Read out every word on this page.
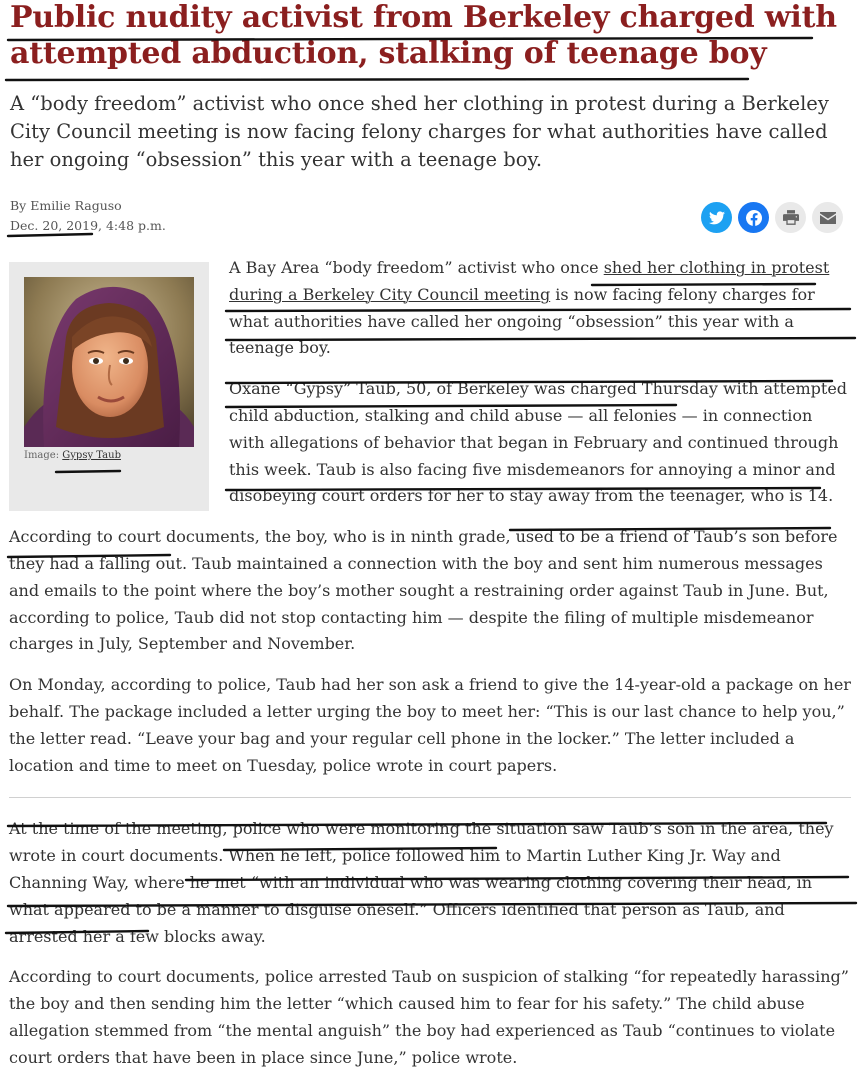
Public nudity activist from Berkeley charged with attempted abduction, stalking of teenage boy

A “body freedom” activist who once shed her clothing in protest during a Berkeley City Council meeting is now facing felony charges for what authorities have called her ongoing “obsession” this year with a teenage boy.

By Emilie Raguso
Dec. 20, 2019, 4:48 p.m.
Image: Gypsy Taub

A Bay Area “body freedom” activist who once shed her clothing in protest during a Berkeley City Council meeting is now facing felony charges for what authorities have called her ongoing “obsession” this year with a teenage boy.

Oxane “Gypsy” Taub, 50, of Berkeley was charged Thursday with attempted child abduction, stalking and child abuse — all felonies — in connection with allegations of behavior that began in February and continued through this week. Taub is also facing five misdemeanors for annoying a minor and disobeying court orders for her to stay away from the teenager, who is 14.

According to court documents, the boy, who is in ninth grade, used to be a friend of Taub’s son before they had a falling out. Taub maintained a connection with the boy and sent him numerous messages and emails to the point where the boy’s mother sought a restraining order against Taub in June. But, according to police, Taub did not stop contacting him — despite the filing of multiple misdemeanor charges in July, September and November.

On Monday, according to police, Taub had her son ask a friend to give the 14-year-old a package on her behalf. The package included a letter urging the boy to meet her: “This is our last chance to help you,” the letter read. “Leave your bag and your regular cell phone in the locker.” The letter included a location and time to meet on Tuesday, police wrote in court papers.

At the time of the meeting, police who were monitoring the situation saw Taub’s son in the area, they wrote in court documents. When he left, police followed him to Martin Luther King Jr. Way and Channing Way, where he met “with an individual who was wearing clothing covering their head, in what appeared to be a manner to disguise oneself.” Officers identified that person as Taub, and arrested her a few blocks away.

According to court documents, police arrested Taub on suspicion of stalking “for repeatedly harassing” the boy and then sending him the letter “which caused him to fear for his safety.” The child abuse allegation stemmed from “the mental anguish” the boy had experienced as Taub “continues to violate court orders that have been in place since June,” police wrote.
